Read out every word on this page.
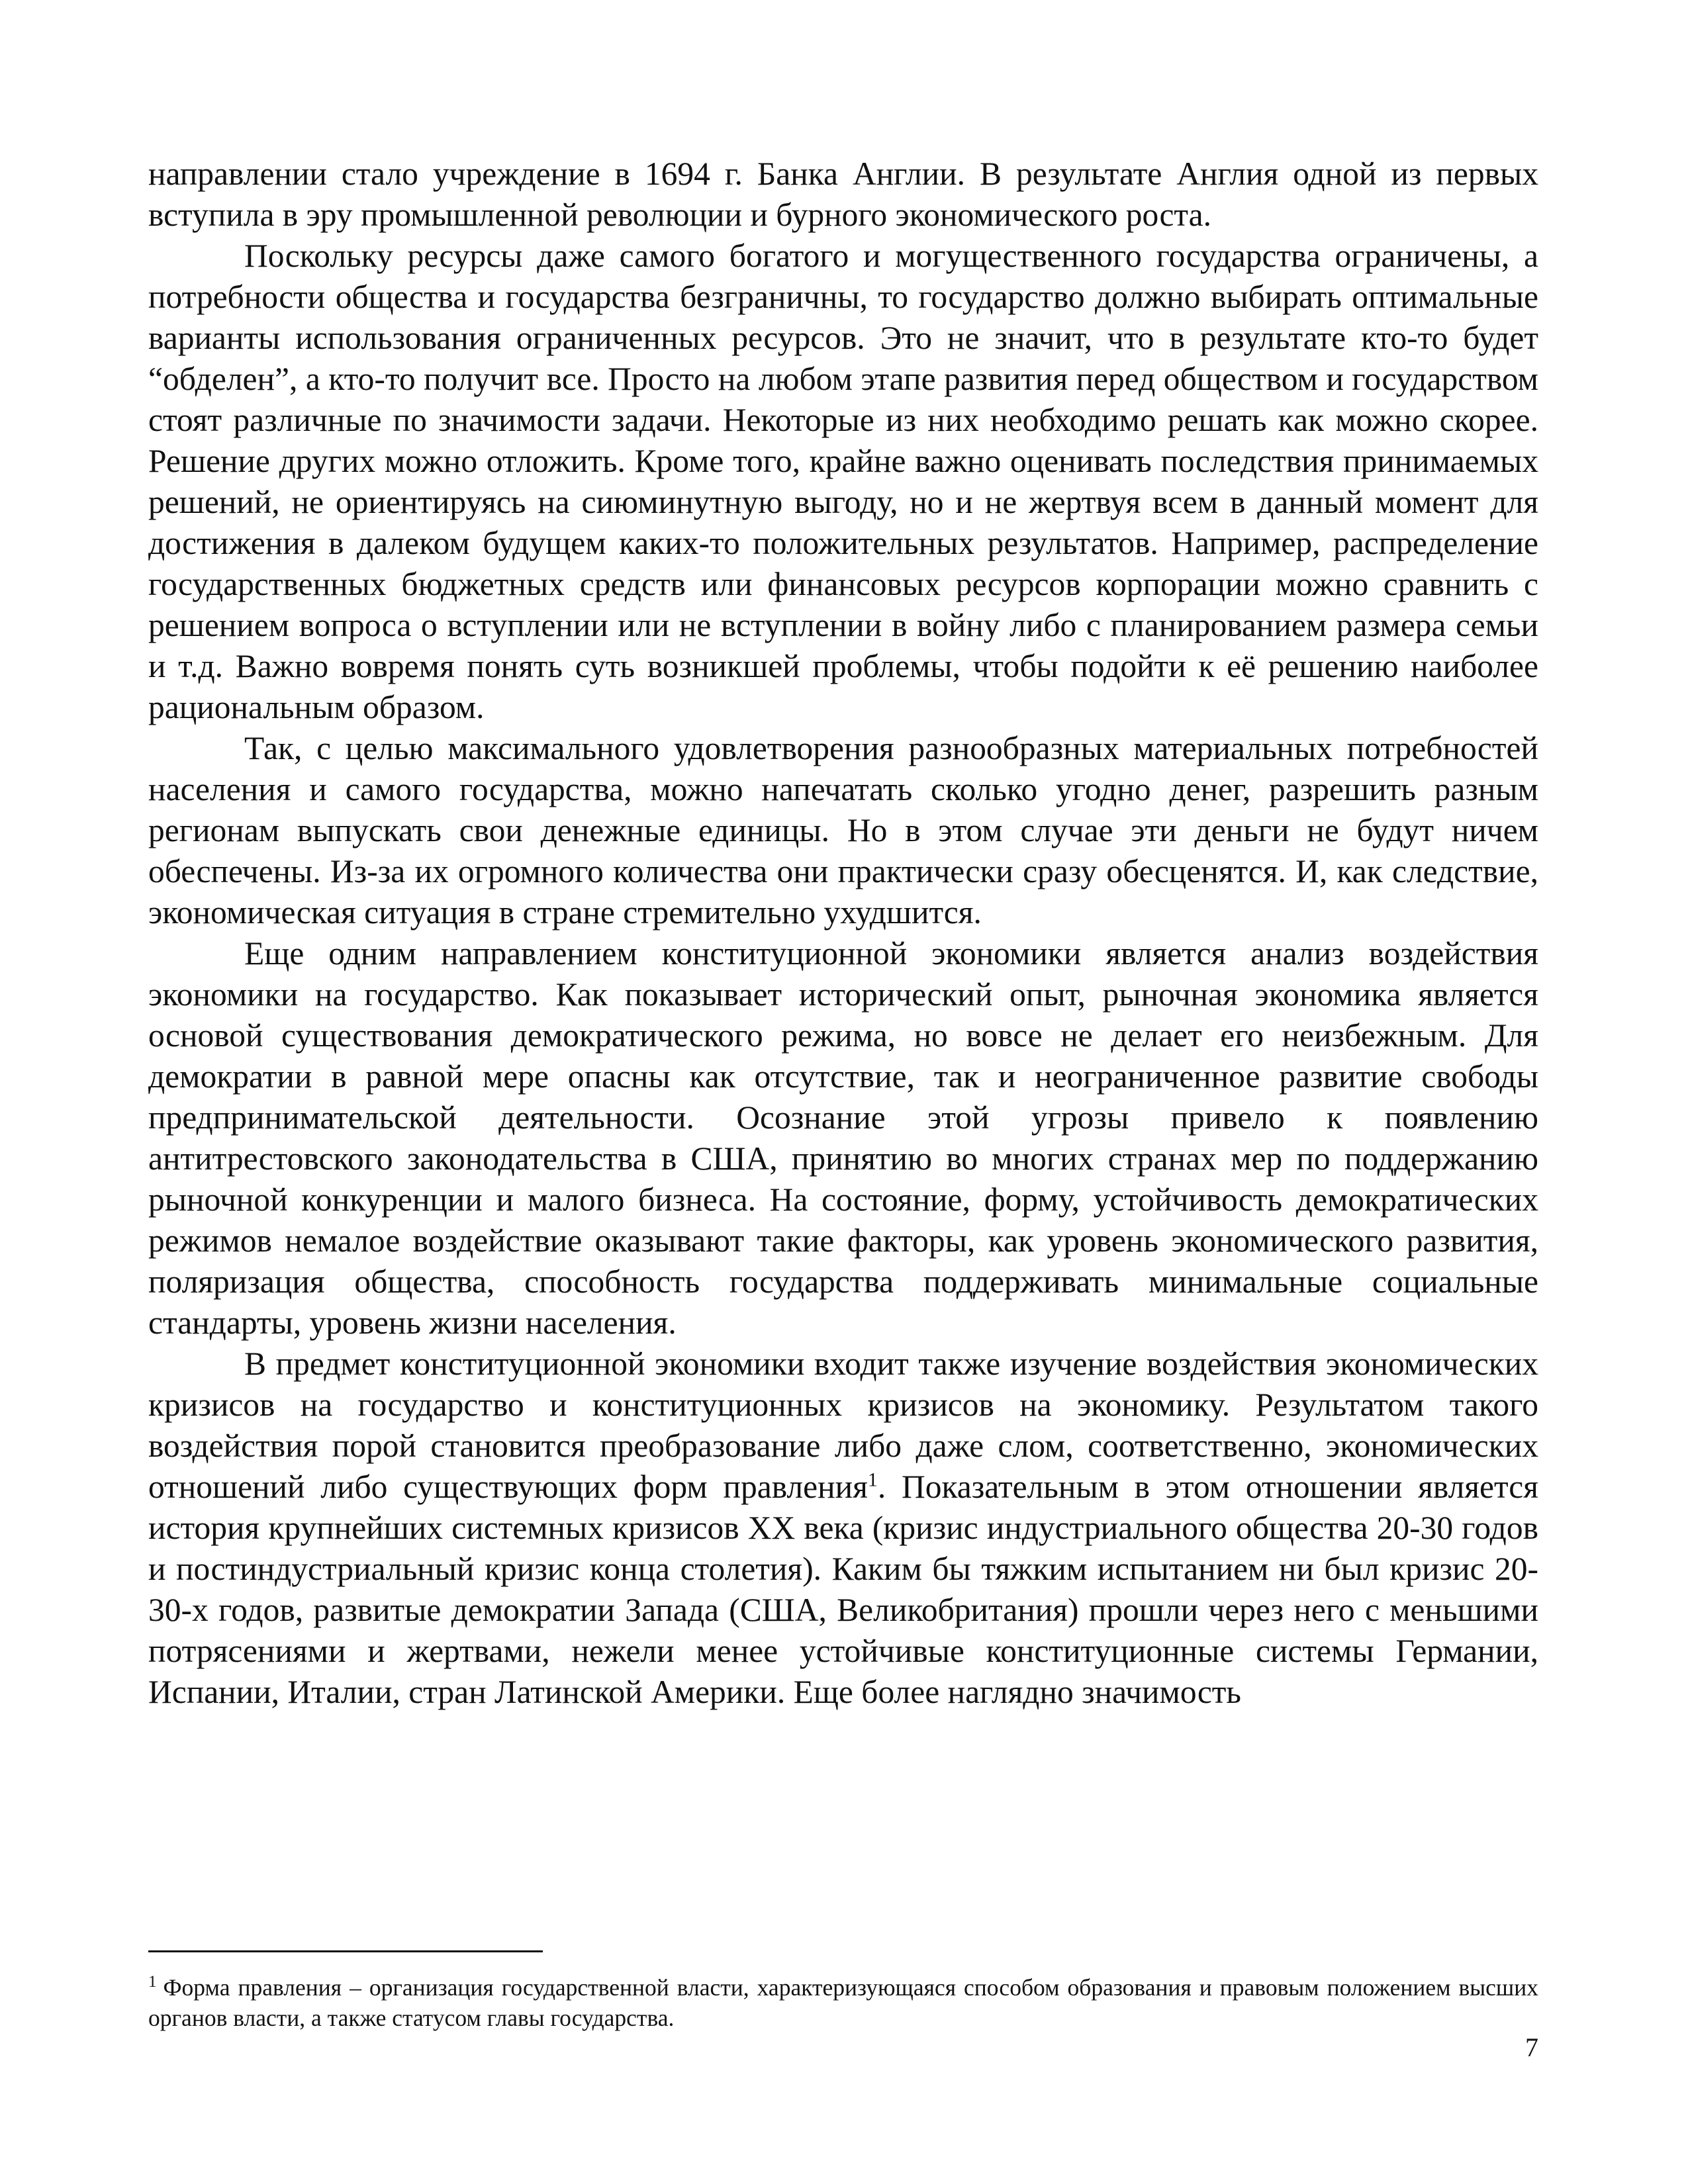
направлении стало учреждение в 1694 г. Банка Англии. В результате Англия одной из первых вступила в эру промышленной революции и бурного экономического роста.

Поскольку ресурсы даже самого богатого и могущественного государства ограничены, а потребности общества и государства безграничны, то государство должно выбирать оптимальные варианты использования ограниченных ресурсов. Это не значит, что в результате кто-то будет “обделен”, а кто-то получит все. Просто на любом этапе развития перед обществом и государством стоят различные по значимости задачи. Некоторые из них необходимо решать как можно скорее. Решение других можно отложить. Кроме того, крайне важно оценивать последствия принимаемых решений, не ориентируясь на сиюминутную выгоду, но и не жертвуя всем в данный момент для достижения в далеком будущем каких-то положительных результатов. Например, распределение государственных бюджетных средств или финансовых ресурсов корпорации можно сравнить с решением вопроса о вступлении или не вступлении в войну либо с планированием размера семьи и т.д. Важно вовремя понять суть возникшей проблемы, чтобы подойти к её решению наиболее рациональным образом.

Так, с целью максимального удовлетворения разнообразных материальных потребностей населения и самого государства, можно напечатать сколько угодно денег, разрешить разным регионам выпускать свои денежные единицы. Но в этом случае эти деньги не будут ничем обеспечены. Из-за их огромного количества они практически сразу обесценятся. И, как следствие, экономическая ситуация в стране стремительно ухудшится.

Еще одним направлением конституционной экономики является анализ воздействия экономики на государство. Как показывает исторический опыт, рыночная экономика является основой существования демократического режима, но вовсе не делает его неизбежным. Для демократии в равной мере опасны как отсутствие, так и неограниченное развитие свободы предпринимательской деятельности. Осознание этой угрозы привело к появлению антитрестовского законодательства в США, принятию во многих странах мер по поддержанию рыночной конкуренции и малого бизнеса. На состояние, форму, устойчивость демократических режимов немалое воздействие оказывают такие факторы, как уровень экономического развития, поляризация общества, способность государства поддерживать минимальные социальные стандарты, уровень жизни населения.

В предмет конституционной экономики входит также изучение воздействия экономических кризисов на государство и конституционных кризисов на экономику. Результатом такого воздействия порой становится преобразование либо даже слом, соответственно, экономических отношений либо существующих форм правления$^1$. Показательным в этом отношении является история крупнейших системных кризисов XX века (кризис индустриального общества 20-30 годов и постиндустриальный кризис конца столетия). Каким бы тяжким испытанием ни был кризис 20-30-х годов, развитые демократии Запада (США, Великобритания) прошли через него с меньшими потрясениями и жертвами, нежели менее устойчивые конституционные системы Германии, Испании, Италии, стран Латинской Америки. Еще более наглядно значимость

$^1$ Форма правления – организация государственной власти, характеризующаяся способом образования и правовым положением высших органов власти, а также статусом главы государства.
7
